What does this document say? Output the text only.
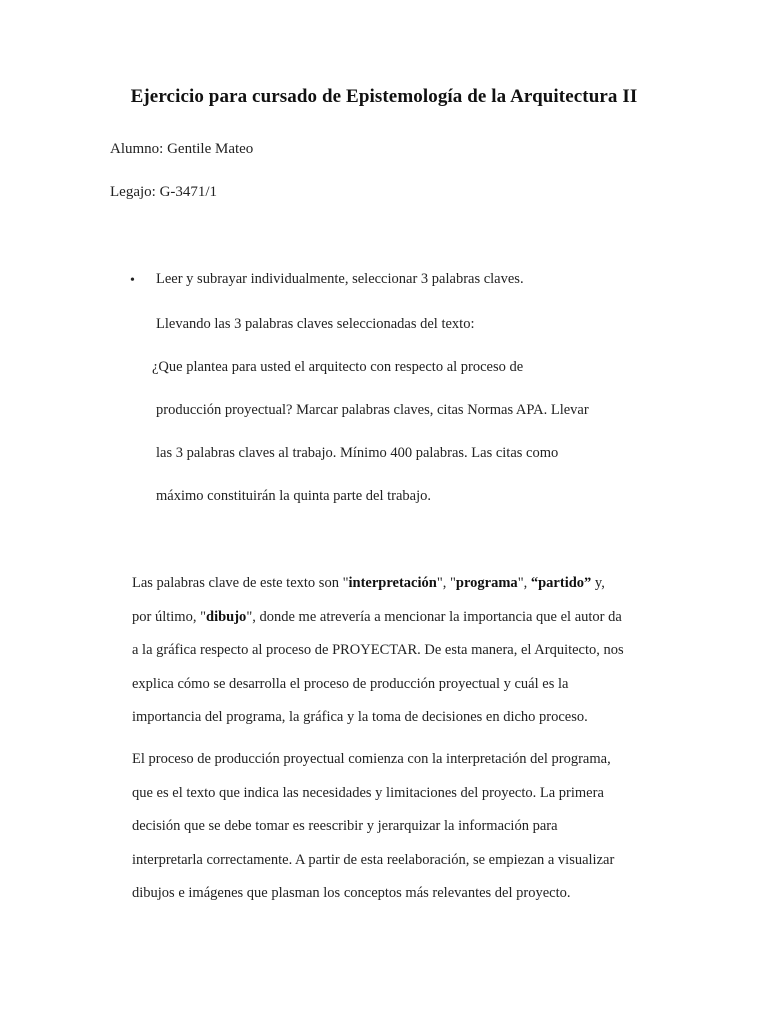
Ejercicio para cursado de Epistemología de la Arquitectura II
Alumno: Gentile Mateo
Legajo: G-3471/1
• Leer y subrayar individualmente, seleccionar 3 palabras claves.
Llevando las 3 palabras claves seleccionadas del texto:
¿Que plantea para usted el arquitecto con respecto al proceso de
producción proyectual? Marcar palabras claves, citas Normas APA. Llevar
las 3 palabras claves al trabajo. Mínimo 400 palabras. Las citas como
máximo constituirán la quinta parte del trabajo.
Las palabras clave de este texto son "interpretación", "programa", “partido” y,
por último, "dibujo", donde me atrevería a mencionar la importancia que el autor da
a la gráfica respecto al proceso de PROYECTAR. De esta manera, el Arquitecto, nos
explica cómo se desarrolla el proceso de producción proyectual y cuál es la
importancia del programa, la gráfica y la toma de decisiones en dicho proceso.
El proceso de producción proyectual comienza con la interpretación del programa,
que es el texto que indica las necesidades y limitaciones del proyecto. La primera
decisión que se debe tomar es reescribir y jerarquizar la información para
interpretarla correctamente. A partir de esta reelaboración, se empiezan a visualizar
dibujos e imágenes que plasman los conceptos más relevantes del proyecto.
